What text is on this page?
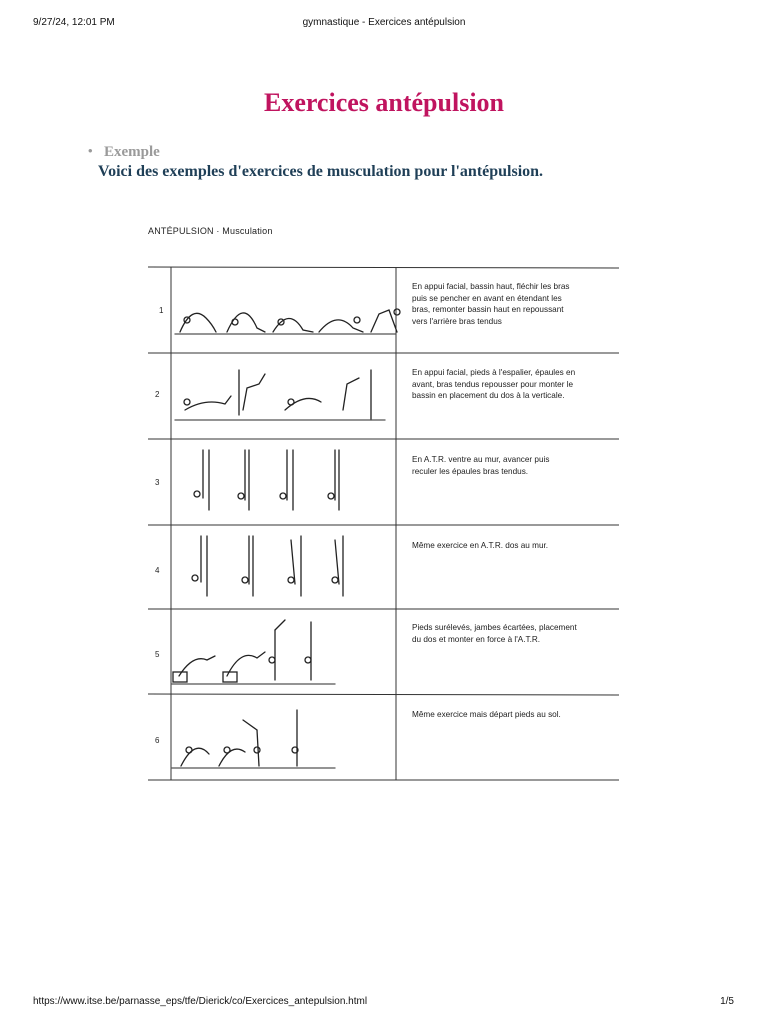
9/27/24, 12:01 PM	gymnastique - Exercices antépulsion
Exercices antépulsion
• Exemple
Voici des exemples d'exercices de musculation pour l'antépulsion.
ANTÉPULSION · Musculation
1
2
3
4
5
6
En appui facial, bassin haut, fléchir les bras
puis se pencher en avant en étendant les
bras, remonter bassin haut en repoussant
vers l'arrière bras tendus
En appui facial, pieds à l'espalier, épaules en
avant, bras tendus repousser pour monter le
bassin en placement du dos à la verticale.
En A.T.R. ventre au mur, avancer puis
reculer les épaules bras tendus.
Même exercice en A.T.R. dos au mur.
Pieds surélevés, jambes écartées, placement
du dos et monter en force à l'A.T.R.
Même exercice mais départ pieds au sol.
https://www.itse.be/parnasse_eps/tfe/Dierick/co/Exercices_antepulsion.html	1/5
